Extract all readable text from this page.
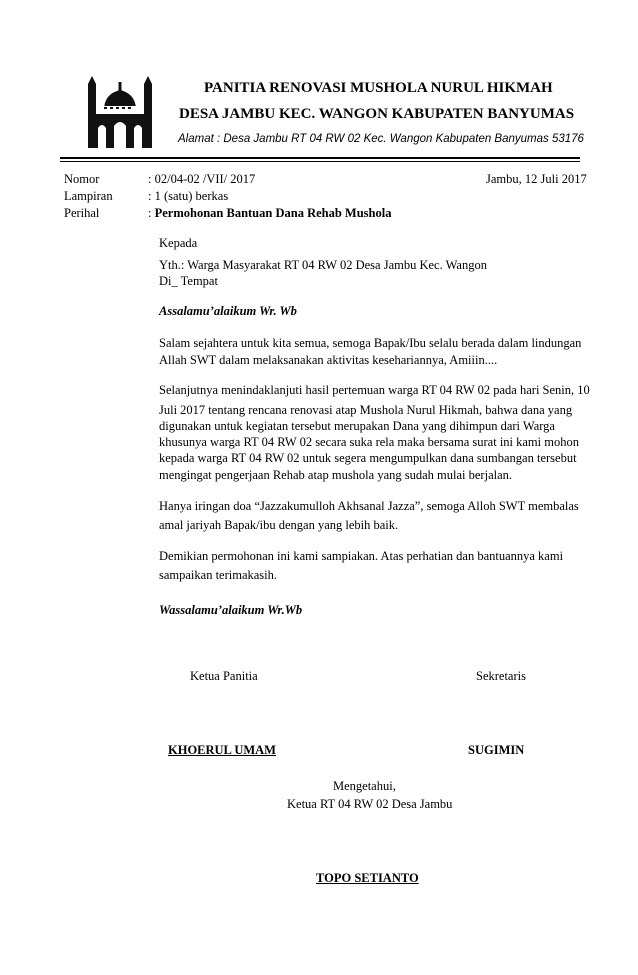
PANITIA RENOVASI MUSHOLA NURUL HIKMAH
DESA JAMBU KEC. WANGON KABUPATEN BANYUMAS
Alamat : Desa Jambu RT 04 RW 02 Kec. Wangon Kabupaten Banyumas 53176
Nomor	: 02/04-02 /VII/ 2017	Jambu, 12 Juli 2017
Lampiran	: 1 (satu) berkas
Perihal	: Permohonan Bantuan Dana Rehab Mushola
Kepada
Yth.: Warga Masyarakat RT 04 RW 02 Desa Jambu Kec. Wangon
Di_ Tempat
Assalamu’alaikum Wr. Wb
Salam sejahtera untuk kita semua, semoga Bapak/Ibu selalu berada dalam lindungan
Allah SWT dalam melaksanakan aktivitas kesehariannya, Amiiin....
Selanjutnya menindaklanjuti hasil pertemuan warga RT 04 RW 02 pada hari Senin, 10
Juli 2017 tentang rencana renovasi atap Mushola Nurul Hikmah, bahwa dana yang
digunakan untuk kegiatan tersebut merupakan Dana yang dihimpun dari Warga
khusunya warga RT 04 RW 02 secara suka rela maka bersama surat ini kami mohon
kepada warga RT 04 RW 02 untuk segera mengumpulkan dana sumbangan tersebut
mengingat pengerjaan Rehab atap mushola yang sudah mulai berjalan.
Hanya iringan doa “Jazzakumulloh Akhsanal Jazza”, semoga Alloh SWT membalas
amal jariyah Bapak/ibu dengan yang lebih baik.
Demikian permohonan ini kami sampiakan. Atas perhatian dan bantuannya kami
sampaikan terimakasih.
Wassalamu’alaikum Wr.Wb
Ketua Panitia	Sekretaris
KHOERUL UMAM	SUGIMIN
Mengetahui,
Ketua RT 04 RW 02 Desa Jambu
TOPO SETIANTO
